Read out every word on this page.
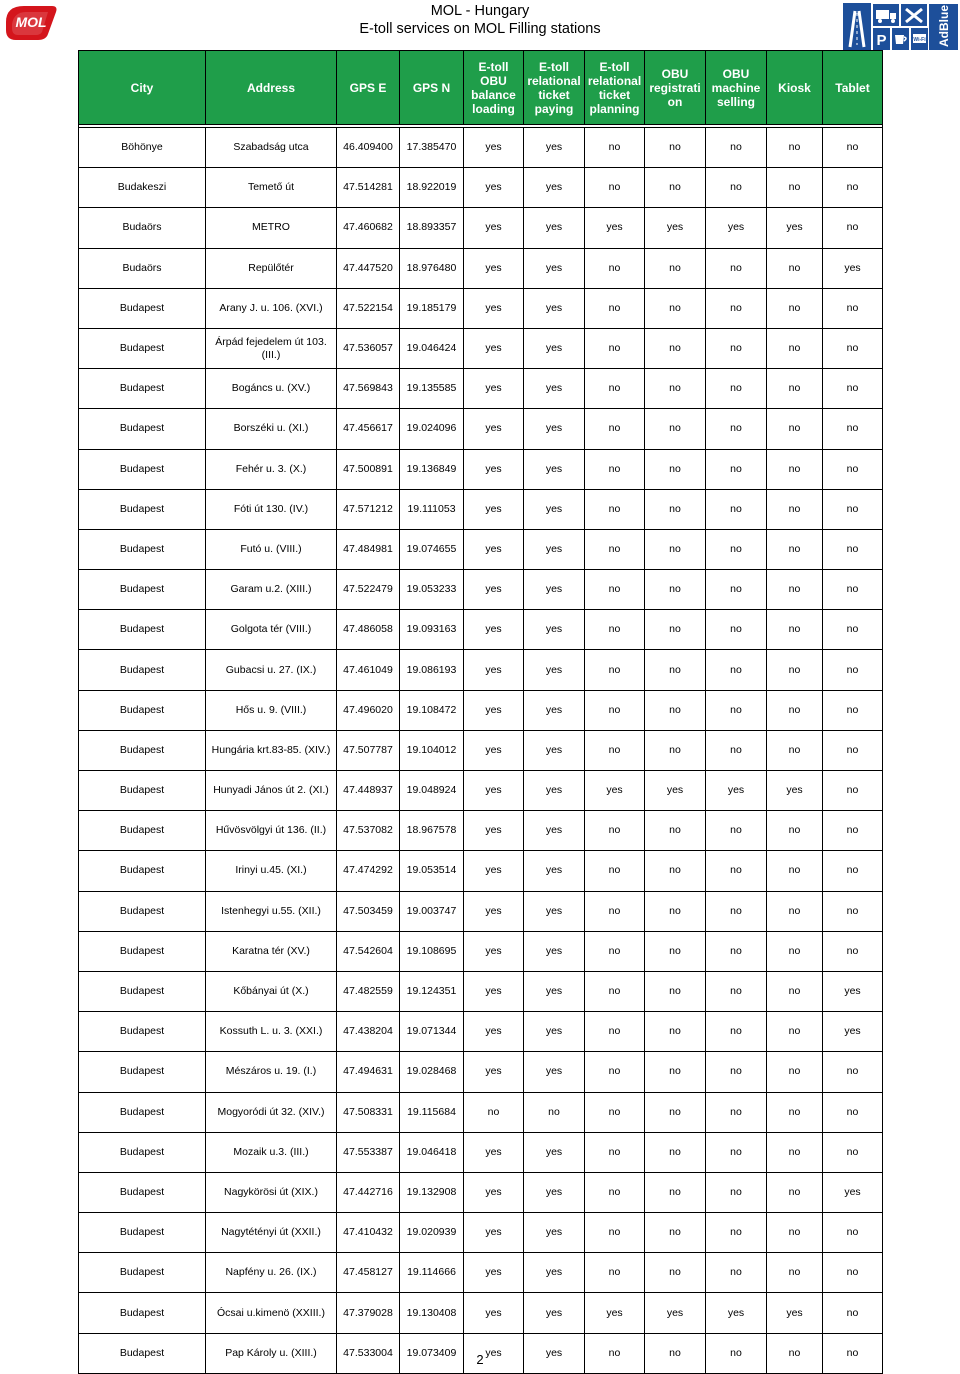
MOL
MOL - Hungary
E-toll services on MOL Filling stations	AdBlue
P	Wi-Fi
City	Address	GPS E	GPS N	E-toll OBU balance loading	E-toll relational ticket paying	E-toll relational ticket planning	OBU registrati on	OBU machine selling	Kiosk	Tablet

Böhönye	Szabadság utca	46.409400	17.385470	yes	yes	no	no	no	no	no
Budakeszi	Temető út	47.514281	18.922019	yes	yes	no	no	no	no	no
Budaörs	METRO	47.460682	18.893357	yes	yes	yes	yes	yes	yes	no
Budaörs	Repülőtér	47.447520	18.976480	yes	yes	no	no	no	no	yes
Budapest	Arany J. u. 106. (XVI.)	47.522154	19.185179	yes	yes	no	no	no	no	no
Budapest	Árpád fejedelem út 103. (III.)	47.536057	19.046424	yes	yes	no	no	no	no	no
Budapest	Bogáncs u. (XV.)	47.569843	19.135585	yes	yes	no	no	no	no	no
Budapest	Borszéki u. (XI.)	47.456617	19.024096	yes	yes	no	no	no	no	no
Budapest	Fehér u. 3. (X.)	47.500891	19.136849	yes	yes	no	no	no	no	no
Budapest	Fóti út 130. (IV.)	47.571212	19.111053	yes	yes	no	no	no	no	no
Budapest	Futó u. (VIII.)	47.484981	19.074655	yes	yes	no	no	no	no	no
Budapest	Garam u.2. (XIII.)	47.522479	19.053233	yes	yes	no	no	no	no	no
Budapest	Golgota tér (VIII.)	47.486058	19.093163	yes	yes	no	no	no	no	no
Budapest	Gubacsi u. 27. (IX.)	47.461049	19.086193	yes	yes	no	no	no	no	no
Budapest	Hős u. 9. (VIII.)	47.496020	19.108472	yes	yes	no	no	no	no	no
Budapest	Hungária krt.83-85. (XIV.)	47.507787	19.104012	yes	yes	no	no	no	no	no
Budapest	Hunyadi János út 2. (XI.)	47.448937	19.048924	yes	yes	yes	yes	yes	yes	no
Budapest	Hűvösvölgyi út 136. (II.)	47.537082	18.967578	yes	yes	no	no	no	no	no
Budapest	Irinyi u.45. (XI.)	47.474292	19.053514	yes	yes	no	no	no	no	no
Budapest	Istenhegyi u.55. (XII.)	47.503459	19.003747	yes	yes	no	no	no	no	no
Budapest	Karatna tér (XV.)	47.542604	19.108695	yes	yes	no	no	no	no	no
Budapest	Kőbányai út (X.)	47.482559	19.124351	yes	yes	no	no	no	no	yes
Budapest	Kossuth L. u. 3. (XXI.)	47.438204	19.071344	yes	yes	no	no	no	no	yes
Budapest	Mészáros u. 19. (I.)	47.494631	19.028468	yes	yes	no	no	no	no	no
Budapest	Mogyoródi út 32. (XIV.)	47.508331	19.115684	no	no	no	no	no	no	no
Budapest	Mozaik u.3. (III.)	47.553387	19.046418	yes	yes	no	no	no	no	no
Budapest	Nagykörösi út (XIX.)	47.442716	19.132908	yes	yes	no	no	no	no	yes
Budapest	Nagytétényi út (XXII.)	47.410432	19.020939	yes	yes	no	no	no	no	no
Budapest	Napfény u. 26. (IX.)	47.458127	19.114666	yes	yes	no	no	no	no	no
Budapest	Ócsai u.kimenö (XXIII.)	47.379028	19.130408	yes	yes	yes	yes	yes	yes	no
Budapest	Pap Károly u. (XIII.)	47.533004	19.073409	yes	yes	no	no	no	no	no
2
